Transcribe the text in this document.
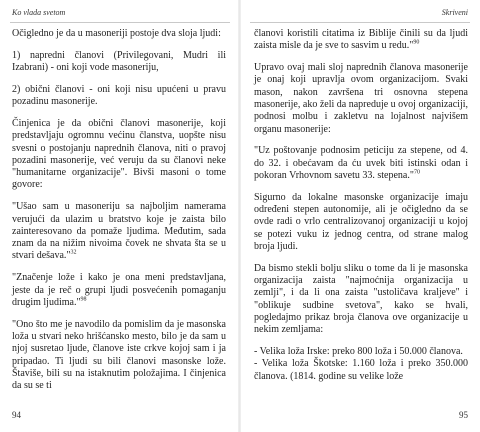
Ko vlada svetom

Očigledno je da u masoneriji postoje dva sloja ljudi:

1) napredni članovi (Privilegovani, Mudri ili Izabrani) - oni koji vode masoneriju,

2) obični članovi - oni koji nisu upućeni u pravu pozadinu masonerije.

Činjenica je da obični članovi masonerije, koji predstavljaju ogromnu većinu članstva, uopšte nisu svesni o postojanju naprednih članova, niti o pravoj pozadini masonerije, već veruju da su članovi neke "humanitarne organizacije". Bivši masoni o tome govore:

"Ušao sam u masoneriju sa najboljim namerama verujući da ulazim u bratstvo koje je zaista bilo zainteresovano da pomaže ljudima. Međutim, sada znam da na nižim nivoima čovek ne shvata šta se u stvari dešava."$^{32}$

"Značenje lože i kako je ona meni predstavljana, jeste da je reč o grupi ljudi posvećenih pomaganju drugim ljudima."$^{98}$

"Ono što me je navodilo da pomislim da je masonska loža u stvari neko hrišćansko mesto, bilo je da sam u njoj susretao ljude, članove iste crkve kojoj sam i ja pripadao. Ti ljudi su bili članovi masonske lože. Štaviše, bili su na istaknutim položajima. I činjenica da su se ti

94
Skriveni

članovi koristili citatima iz Biblije činili su da ljudi zaista misle da je sve to sasvim u redu."$^{90}$

Upravo ovaj mali sloj naprednih članova masonerije je onaj koji upravlja ovom organizacijom. Svaki mason, nakon završena tri osnovna stepena masonerije, ako želi da napreduje u ovoj organizaciji, podnosi molbu i zakletvu na lojalnost najvišem organu masonerije:

"Uz poštovanje podnosim peticiju za stepene, od 4. do 32. i obećavam da ću uvek biti istinski odan i pokoran Vrhovnom savetu 33. stepena."$^{70}$

Sigurno da lokalne masonske organizacije imaju određeni stepen autonomije, ali je očigledno da se ovde radi o vrlo centralizovanoj organizaciji u kojoj se potezi vuku iz jednog centra, od strane malog broja ljudi.

Da bismo stekli bolju sliku o tome da li je masonska organizacija zaista "najmoćnija organizacija u zemlji", i da li ona zaista "ustoličava kraljeve" i "oblikuje sudbine svetova", kako se hvali, pogledajmo prikaz broja članova ove organizacije u nekim zemljama:

- Velika loža Irske: preko 800 loža i 50.000 članova.
- Velika loža Škotske: 1.160 loža i preko 350.000 članova. (1814. godine su velike lože

95
